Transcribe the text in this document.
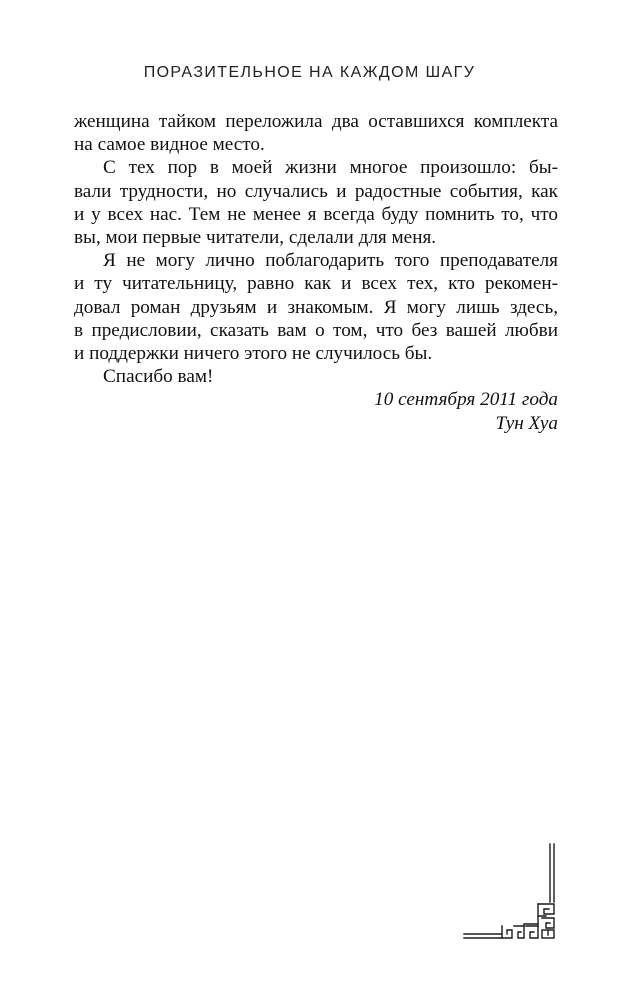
ПОРАЗИТЕЛЬНОЕ НА КАЖДОМ ШАГУ
женщина тайком переложила два оставшихся комплекта
на самое видное место.
С тех пор в моей жизни многое произошло: бы-
вали трудности, но случались и радостные события, как
и у всех нас. Тем не менее я всегда буду помнить то, что
вы, мои первые читатели, сделали для меня.
Я не могу лично поблагодарить того преподавателя
и ту читательницу, равно как и всех тех, кто рекомен-
довал роман друзьям и знакомым. Я могу лишь здесь,
в предисловии, сказать вам о том, что без вашей любви
и поддержки ничего этого не случилось бы.
Спасибо вам!
10 сентября 2011 года
Тун Хуа
